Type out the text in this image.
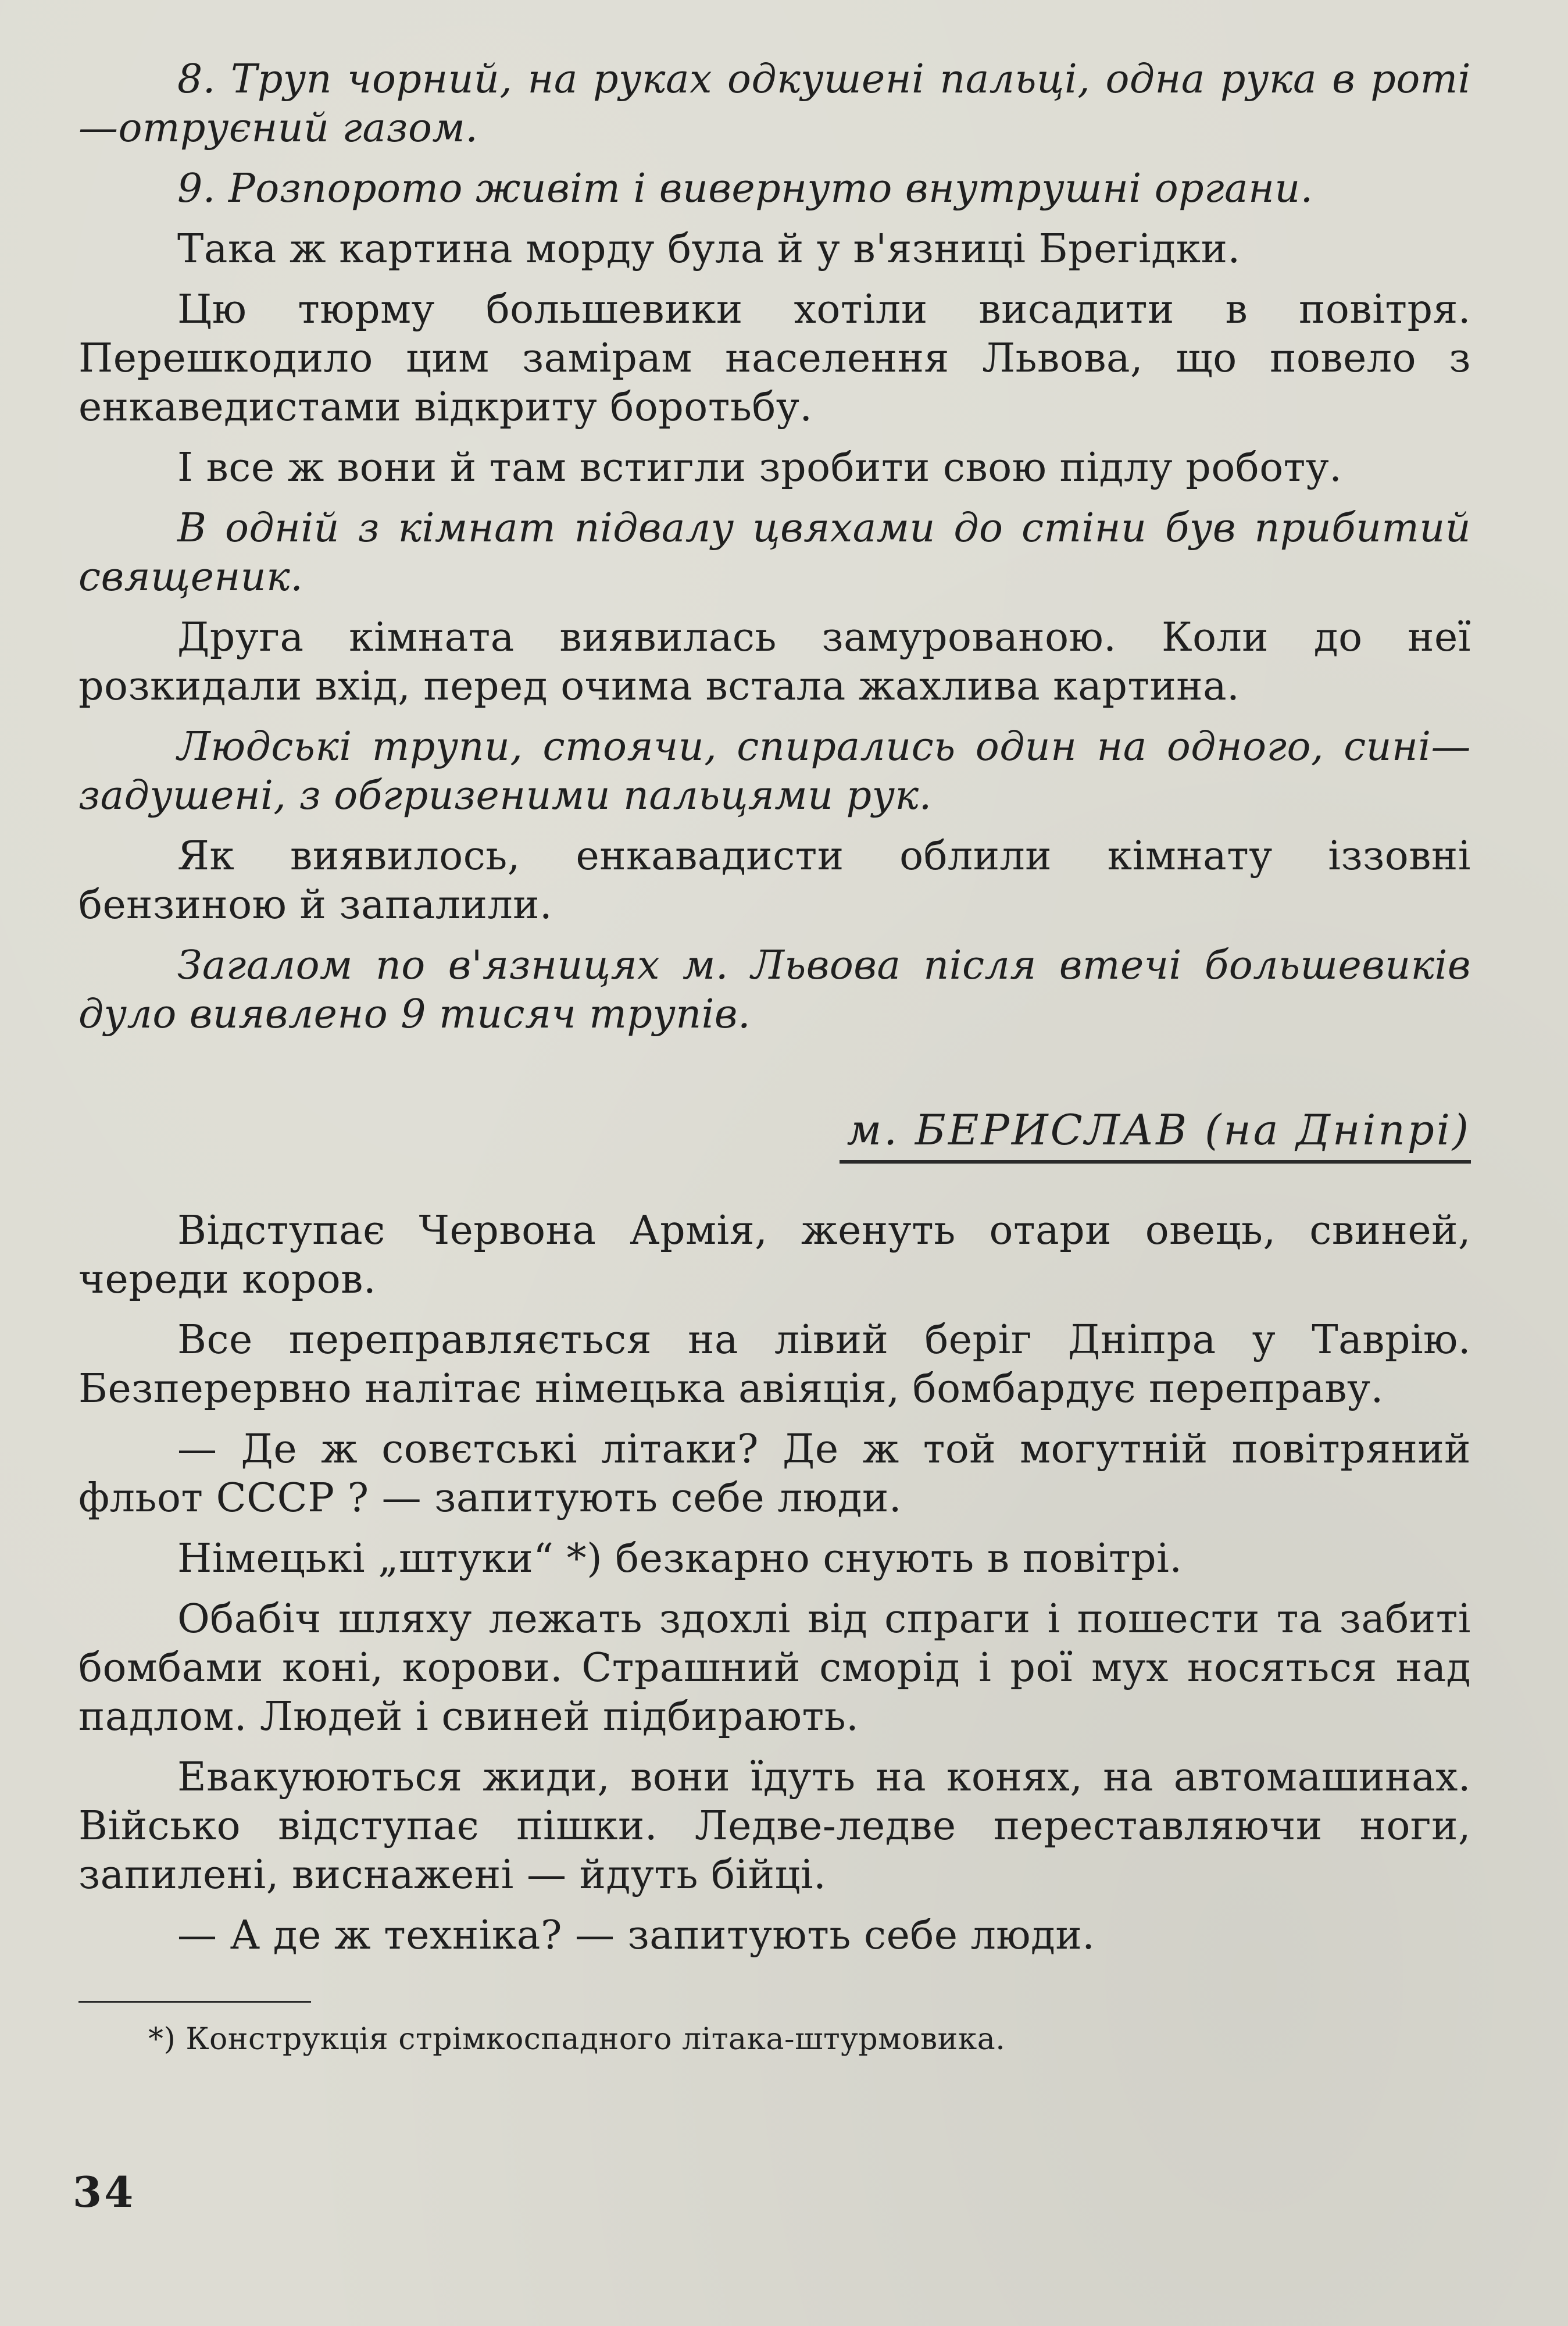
8. Труп чорний, на руках одкушені пальці, одна рука в роті—отруєний газом.

9. Розпорото живіт і вивернуто внутрушні органи.

Така ж картина морду була й у в'язниці Брегідки.

Цю тюрму большевики хотіли висадити в повітря. Перешкодило цим замірам населення Львова, що повело з енкаведистами відкриту боротьбу.

І все ж вони й там встигли зробити свою підлу роботу.

В одній з кімнат підвалу цвяхами до стіни був прибитий священик.

Друга кімната виявилась замурованою. Коли до неї розкидали вхід, перед очима встала жахлива картина.

Людські трупи, стоячи, спирались один на одного, сині—задушені, з обгризеними пальцями рук.

Як виявилось, енкавадисти облили кімнату іззовні бензиною й запалили.

Загалом по в'язницях м. Львова після втечі большевиків дуло виявлено 9 тисяч трупів.

м. БЕРИСЛАВ (на Дніпрі)

Відступає Червона Армія, женуть отари овець, свиней, череди коров.

Все переправляється на лівий беріг Дніпра у Таврію. Безперервно налітає німецька авіяція, бомбардує переправу.

— Де ж совєтські літаки? Де ж той могутній повітряний фльот СССР ? — запитують себе люди.

Німецькі „штуки“ *) безкарно снують в повітрі.

Обабіч шляху лежать здохлі від спраги і пошести та забиті бомбами коні, корови. Страшний сморід і рої мух носяться над падлом. Людей і свиней підбирають.

Евакуюються жиди, вони їдуть на конях, на автомашинах. Військо відступає пішки. Ледве-ледве переставляючи ноги, запилені, виснажені — йдуть бійці.

— А де ж техніка? — запитують себе люди.

*) Конструкція стрімкоспадного літака-штурмовика.

34
